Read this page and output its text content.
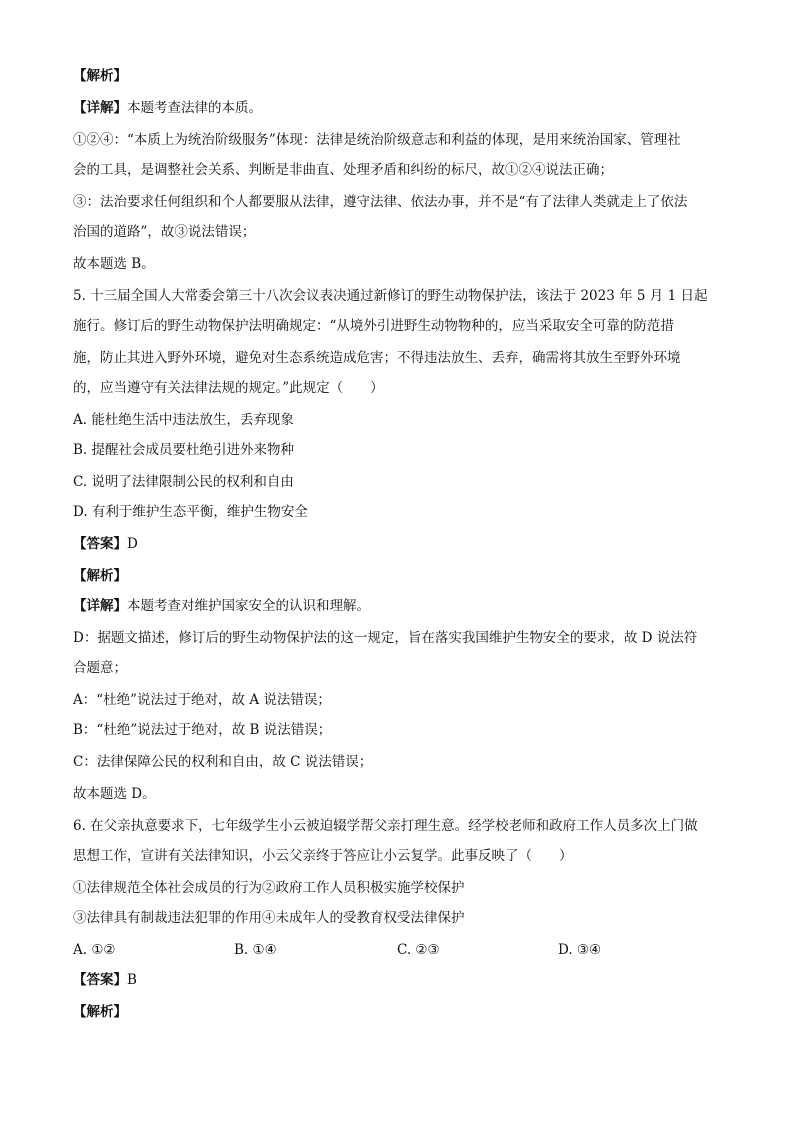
【解析】
【详解】本题考查法律的本质。
①②④：“本质上为统治阶级服务”体现：法律是统治阶级意志和利益的体现，是用来统治国家、管理社
会的工具，是调整社会关系、判断是非曲直、处理矛盾和纠纷的标尺，故①②④说法正确；
③：法治要求任何组织和个人都要服从法律，遵守法律、依法办事，并不是“有了法律人类就走上了依法
治国的道路”，故③说法错误；
故本题选 B。
5. 十三届全国人大常委会第三十八次会议表决通过新修订的野生动物保护法，该法于 2023 年 5 月 1 日起
施行。修订后的野生动物保护法明确规定：“从境外引进野生动物物种的，应当采取安全可靠的防范措
施，防止其进入野外环境，避免对生态系统造成危害；不得违法放生、丢弃，确需将其放生至野外环境
的，应当遵守有关法律法规的规定。”此规定（　　）
A. 能杜绝生活中违法放生，丢弃现象
B. 提醒社会成员要杜绝引进外来物种
C. 说明了法律限制公民的权利和自由
D. 有利于维护生态平衡，维护生物安全
【答案】D
【解析】
【详解】本题考查对维护国家安全的认识和理解。
D：据题文描述，修订后的野生动物保护法的这一规定，旨在落实我国维护生物安全的要求，故 D 说法符
合题意；
A：“杜绝”说法过于绝对，故 A 说法错误；
B：“杜绝”说法过于绝对，故 B 说法错误；
C：法律保障公民的权利和自由，故 C 说法错误；
故本题选 D。
6. 在父亲执意要求下，七年级学生小云被迫辍学帮父亲打理生意。经学校老师和政府工作人员多次上门做
思想工作，宣讲有关法律知识，小云父亲终于答应让小云复学。此事反映了（　　）
①法律规范全体社会成员的行为②政府工作人员积极实施学校保护
③法律具有制裁违法犯罪的作用④未成年人的受教育权受法律保护
A. ①②	B. ①④	C. ②③	D. ③④
【答案】B
【解析】
